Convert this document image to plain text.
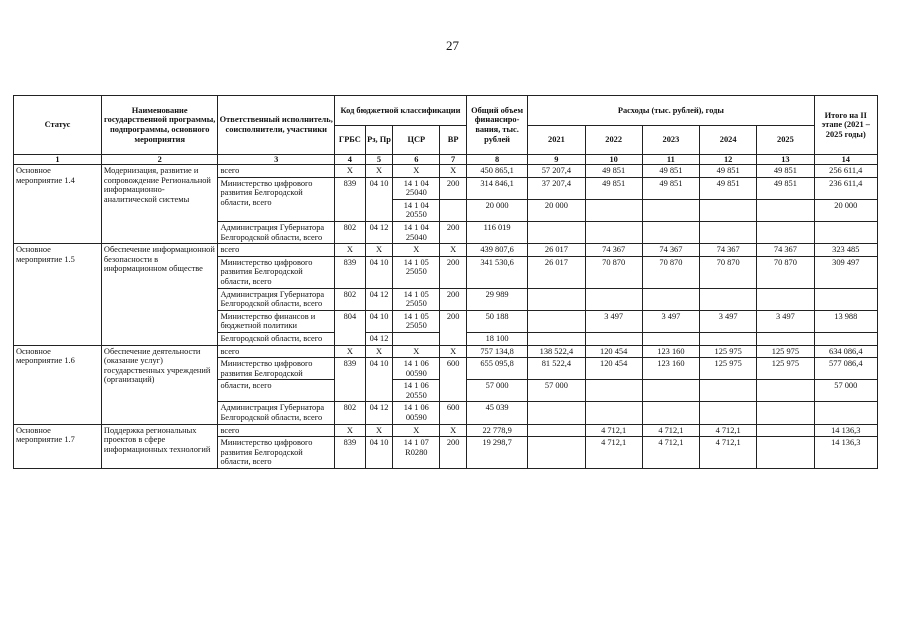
27
Статус	Наименование государственной программы, подпрограммы, основного мероприятия	Ответственный исполнитель, соисполнители, участники	Код бюджетной классификации				Общий объем финансиро-вания, тыс. рублей	Расходы (тыс. рублей), годы					Итого на II этапе (2021 – 2025 годы)
			ГРБС	Рз, Пр	ЦСР	ВР		2021	2022	2023	2024	2025	
1	2	3	4	5	6	7	8	9	10	11	12	13	14
Основное мероприятие 1.4	Модернизация, развитие и сопровождение Региональной информационно-аналитической системы	всего	X	X	X	X	450 865,1	57 207,4	49 851	49 851	49 851	49 851	256 611,4
		Министерство цифрового развития Белгородской области, всего	839	04 10	14 1 04 25040	200	314 846,1	37 207,4	49 851	49 851	49 851	49 851	236 611,4
					14 1 04 20550		20 000	20 000					20 000
		Администрация Губернатора Белгородской области, всего	802	04 12	14 1 04 25040	200	116 019						
Основное мероприятие 1.5	Обеспечение информационной безопасности в информационном обществе	всего	X	X	X	X	439 807,6	26 017	74 367	74 367	74 367	74 367	323 485
		Министерство цифрового развития Белгородской области, всего	839	04 10	14 1 05 25050	200	341 530,6	26 017	70 870	70 870	70 870	70 870	309 497
		Администрация Губернатора Белгородской области, всего	802	04 12	14 1 05 25050	200	29 989						
		Министерство финансов и бюджетной политики	804	04 10	14 1 05 25050	200	50 188		3 497	3 497	3 497	3 497	13 988
		Белгородской области, всего		04 12			18 100						
Основное мероприятие 1.6	Обеспечение деятельности (оказание услуг) государственных учреждений (организаций)	всего	X	X	X	X	757 134,8	138 522,4	120 454	123 160	125 975	125 975	634 086,4
		Министерство цифрового развития Белгородской	839	04 10	14 1 06 00590	600	655 095,8	81 522,4	120 454	123 160	125 975	125 975	577 086,4
		области, всего			14 1 06 20550		57 000	57 000					57 000
		Администрация Губернатора Белгородской области, всего	802	04 12	14 1 06 00590	600	45 039						
Основное мероприятие 1.7	Поддержка региональных проектов в сфере информационных технологий	всего	X	X	X	X	22 778,9		4 712,1	4 712,1	4 712,1		14 136,3
		Министерство цифрового развития Белгородской области, всего	839	04 10	14 1 07 R0280	200	19 298,7		4 712,1	4 712,1	4 712,1		14 136,3
